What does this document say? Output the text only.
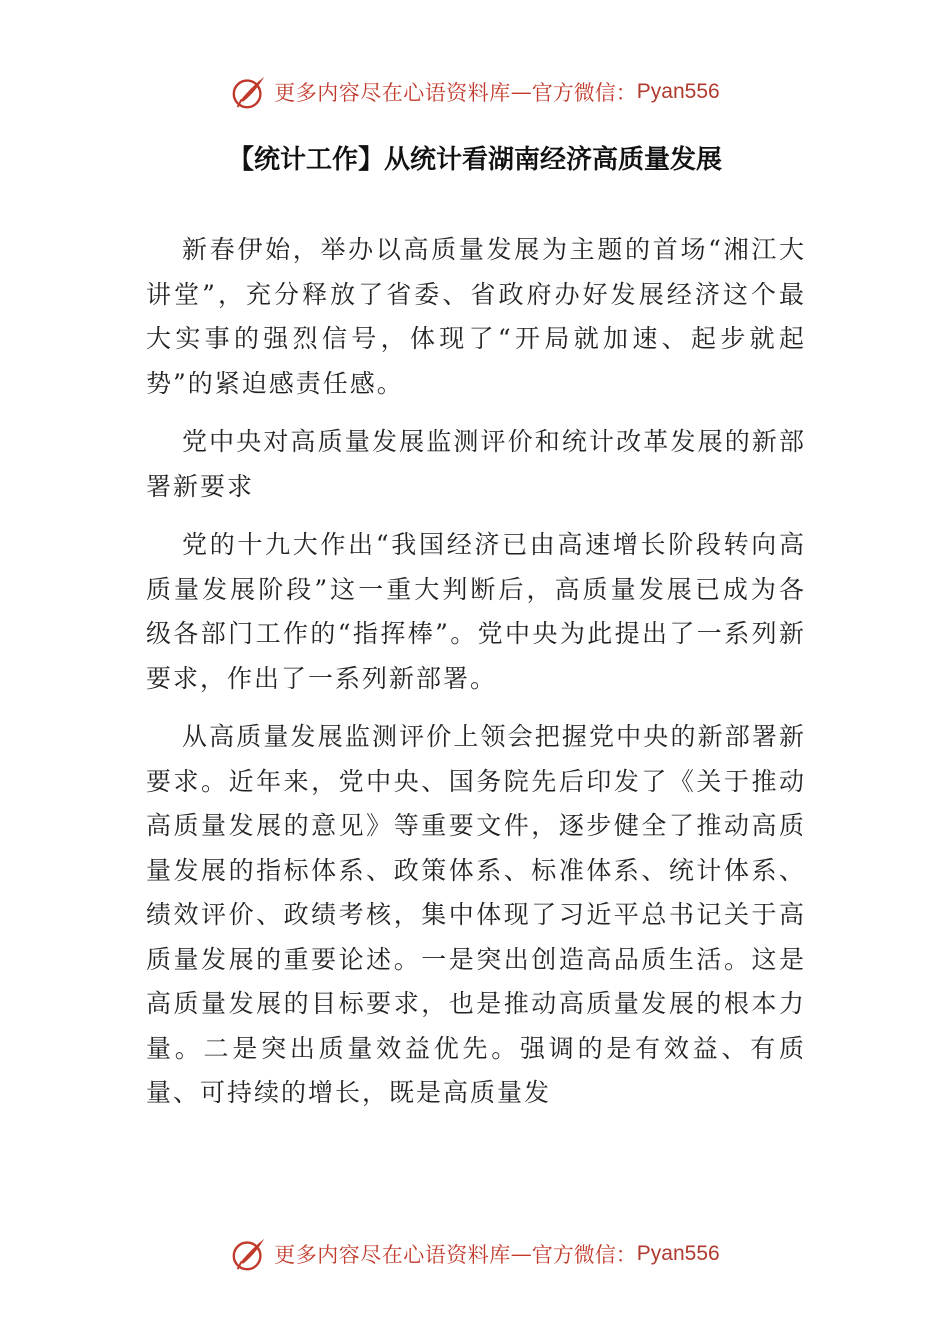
更多内容尽在心语资料库 — 官方微信： Pyan556
【统计工作】从统计看湖南经济高质量发展

新春伊始，举办以高质量发展为主题的首场“湘江大讲堂”，充分释放了省委、省政府办好发展经济这个最大实事的强烈信号，体现了“开局就加速、起步就起势”的紧迫感责任感。

党中央对高质量发展监测评价和统计改革发展的新部署新要求

党的十九大作出“我国经济已由高速增长阶段转向高质量发展阶段”这一重大判断后，高质量发展已成为各级各部门工作的“指挥棒”。党中央为此提出了一系列新要求，作出了一系列新部署。

从高质量发展监测评价上领会把握党中央的新部署新要求。近年来，党中央、国务院先后印发了《关于推动高质量发展的意见》等重要文件，逐步健全了推动高质量发展的指标体系、政策体系、标准体系、统计体系、绩效评价、政绩考核，集中体现了习近平总书记关于高质量发展的重要论述。一是突出创造高品质生活。这是高质量发展的目标要求，也是推动高质量发展的根本力量。二是突出质量效益优先。强调的是有效益、有质量、可持续的增长，既是高质量发

更多内容尽在心语资料库 — 官方微信： Pyan556
